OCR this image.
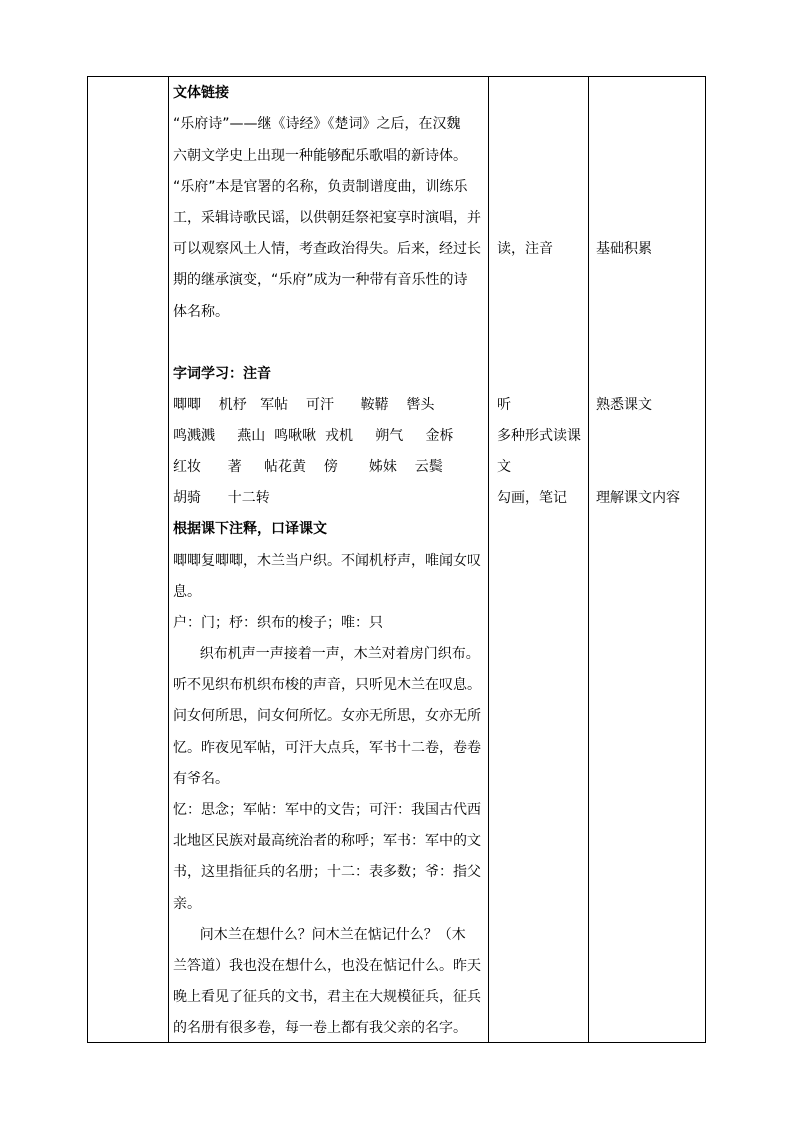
文体链接
“乐府诗”——继《诗经》《楚词》之后，在汉魏
六朝文学史上出现一种能够配乐歌唱的新诗体。
“乐府”本是官署的名称，负责制谱度曲，训练乐
工，采辑诗歌民谣，以供朝廷祭祀宴享时演唱，并
可以观察风土人情，考查政治得失。后来，经过长
期的继承演变，“乐府”成为一种带有音乐性的诗
体名称。
字词学习：注音
唧唧    机杼   军帖    可汗      鞍鞯    辔头
鸣溅溅     燕山  鸣啾啾  戎机     朔气     金柝
红妆      著     帖花黄    傍       姊妹    云鬓
胡骑      十二转
根据课下注释，口译课文
唧唧复唧唧，木兰当户织。不闻机杼声，唯闻女叹
息。
户：门；杼：织布的梭子；唯：只
织布机声一声接着一声，木兰对着房门织布。
听不见织布机织布梭的声音，只听见木兰在叹息。
问女何所思，问女何所忆。女亦无所思，女亦无所
忆。昨夜见军帖，可汗大点兵，军书十二卷，卷卷
有爷名。
忆：思念；军帖：军中的文告；可汗：我国古代西
北地区民族对最高统治者的称呼；军书：军中的文
书，这里指征兵的名册；十二：表多数；爷：指父
亲。
问木兰在想什么？问木兰在惦记什么？（木
兰答道）我也没在想什么，也没在惦记什么。昨天
晚上看见了征兵的文书，君主在大规模征兵，征兵
的名册有很多卷，每一卷上都有我父亲的名字。
读，注音
听
多种形式读课
文
勾画，笔记
基础积累
熟悉课文
理解课文内容
